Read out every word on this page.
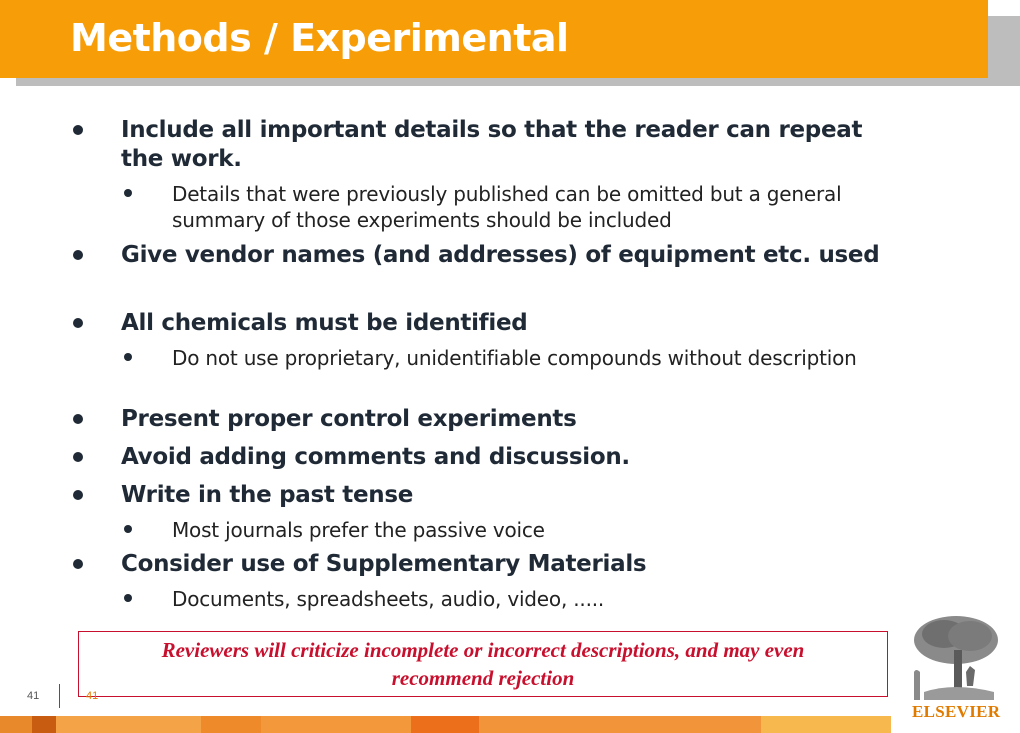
Methods / Experimental
Include all important details so that the reader can repeat the work.
Details that were previously published can be omitted but a general summary of those experiments should be included
Give vendor names (and addresses) of equipment etc. used
All chemicals must be identified
Do not use proprietary, unidentifiable compounds without description
Present proper control experiments
Avoid adding comments and discussion.
Write in the past tense
Most journals prefer the passive voice
Consider use of Supplementary Materials
Documents, spreadsheets, audio, video, .....
Reviewers will criticize incomplete or incorrect descriptions, and may even recommend rejection
41	41
ELSEVIER
